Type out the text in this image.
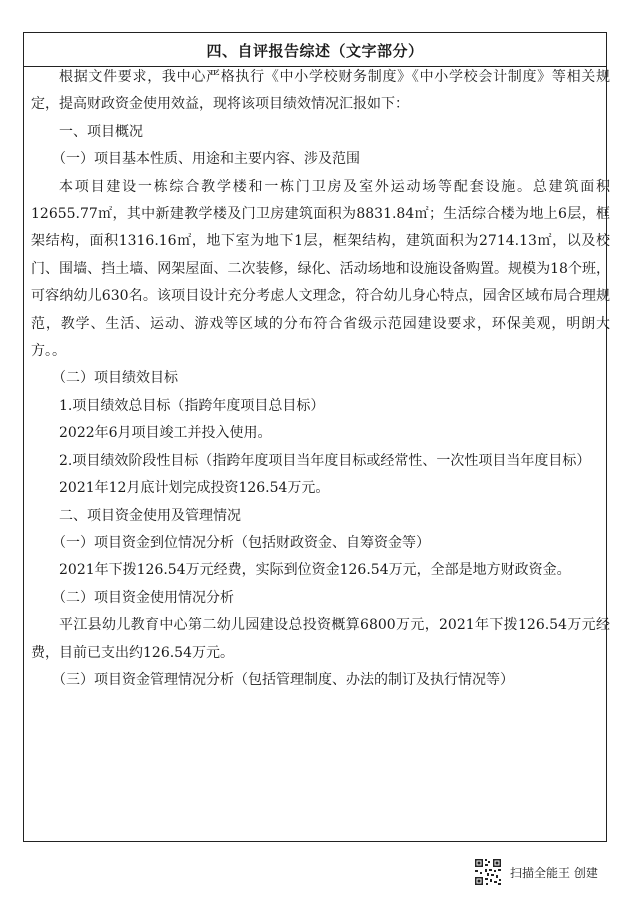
四、自评报告综述（文字部分）

根据文件要求，我中心严格执行《中小学校财务制度》《中小学校会计制度》等相关规定，提高财政资金使用效益，现将该项目绩效情况汇报如下：

一、项目概况

（一）项目基本性质、用途和主要内容、涉及范围

本项目建设一栋综合教学楼和一栋门卫房及室外运动场等配套设施。总建筑面积12655.77㎡，其中新建教学楼及门卫房建筑面积为8831.84㎡；生活综合楼为地上6层，框架结构，面积1316.16㎡，地下室为地下1层，框架结构，建筑面积为2714.13㎡，以及校门、围墙、挡土墙、网架屋面、二次装修，绿化、活动场地和设施设备购置。规模为18个班，可容纳幼儿630名。该项目设计充分考虑人文理念，符合幼儿身心特点，园舍区域布局合理规范，教学、生活、运动、游戏等区域的分布符合省级示范园建设要求，环保美观，明朗大方。。

（二）项目绩效目标

1.项目绩效总目标（指跨年度项目总目标）

2022年6月项目竣工并投入使用。

2.项目绩效阶段性目标（指跨年度项目当年度目标或经常性、一次性项目当年度目标）

2021年12月底计划完成投资126.54万元。

二、项目资金使用及管理情况

（一）项目资金到位情况分析（包括财政资金、自筹资金等）

2021年下拨126.54万元经费，实际到位资金126.54万元，全部是地方财政资金。

（二）项目资金使用情况分析

平江县幼儿教育中心第二幼儿园建设总投资概算6800万元，2021年下拨126.54万元经费，目前已支出约126.54万元。

（三）项目资金管理情况分析（包括管理制度、办法的制订及执行情况等）

扫描全能王 创建
